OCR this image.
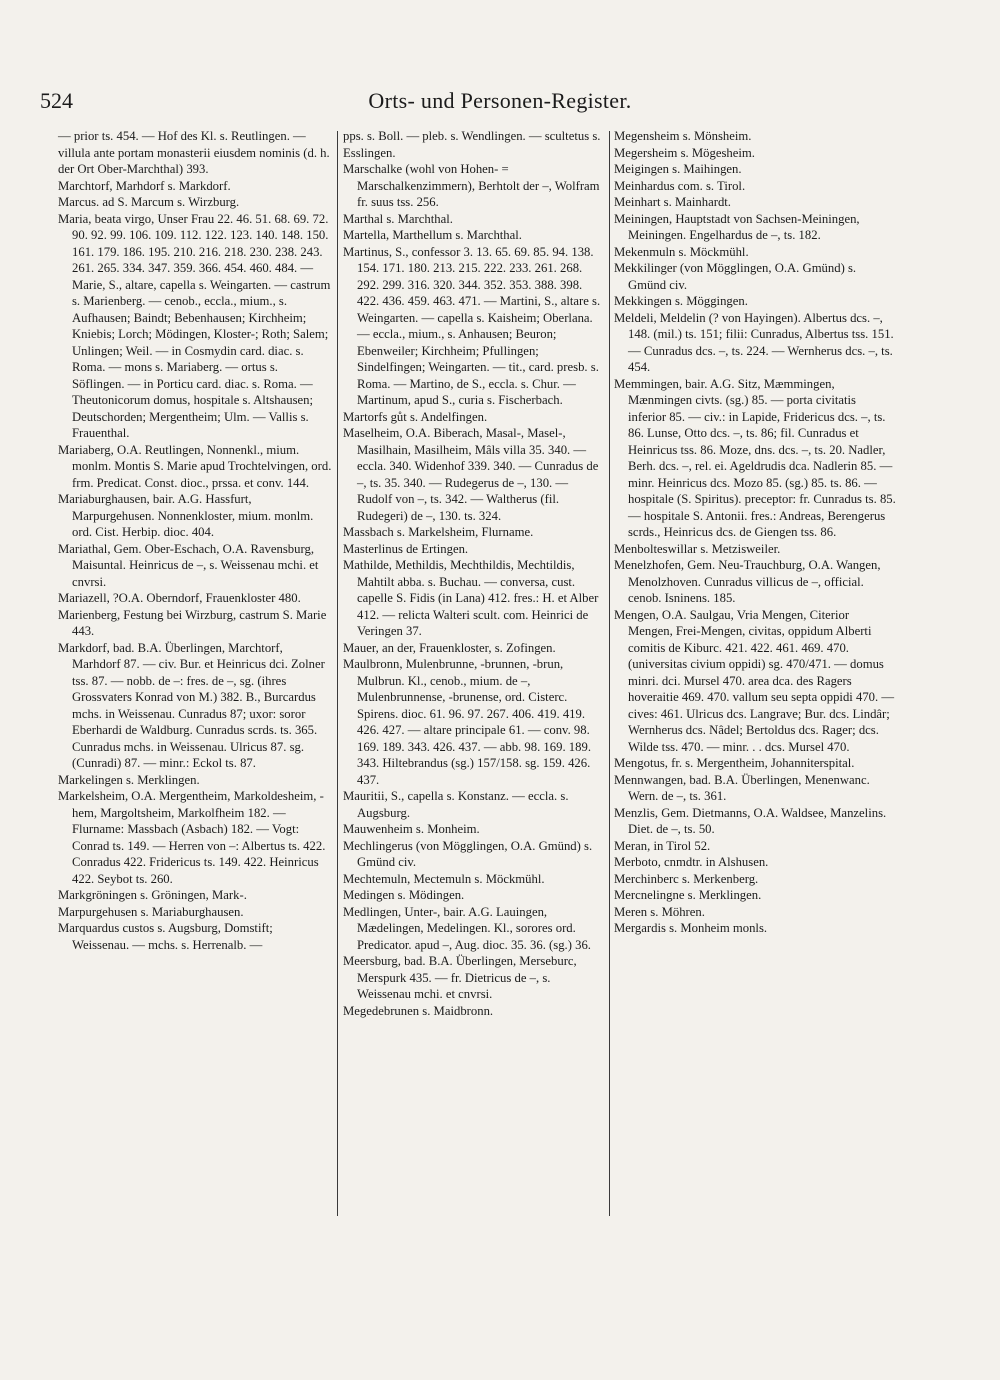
524	Orts- und Personen-Register.

— prior ts. 454. — Hof des Kl. s. Reutlingen. — villula ante portam monasterii eiusdem nominis (d. h. der Ort Ober-Marchthal) 393.

Marchtorf, Marhdorf s. Markdorf.

Marcus. ad S. Marcum s. Wirzburg.

Maria, beata virgo, Unser Frau 22. 46. 51. 68. 69. 72. 90. 92. 99. 106. 109. 112. 122. 123. 140. 148. 150. 161. 179. 186. 195. 210. 216. 218. 230. 238. 243. 261. 265. 334. 347. 359. 366. 454. 460. 484. — Marie, S., altare, capella s. Weingarten. — castrum s. Marienberg. — cenob., eccla., mium., s. Aufhausen; Baindt; Bebenhausen; Kirchheim; Kniebis; Lorch; Mödingen, Kloster-; Roth; Salem; Unlingen; Weil. — in Cosmydin card. diac. s. Roma. — mons s. Mariaberg. — ortus s. Söflingen. — in Porticu card. diac. s. Roma. — Theutonicorum domus, hospitale s. Altshausen; Deutschorden; Mergentheim; Ulm. — Vallis s. Frauenthal.

Mariaberg, O.A. Reutlingen, Nonnenkl., mium. monlm. Montis S. Marie apud Trochtelvingen, ord. frm. Predicat. Const. dioc., prssa. et conv. 144.

Mariaburghausen, bair. A.G. Hassfurt, Marpurgehusen. Nonnenkloster, mium. monlm. ord. Cist. Herbip. dioc. 404.

Mariathal, Gem. Ober-Eschach, O.A. Ravensburg, Maisuntal. Heinricus de –, s. Weissenau mchi. et cnvrsi.

Mariazell, ?O.A. Oberndorf, Frauenkloster 480.

Marienberg, Festung bei Wirzburg, castrum S. Marie 443.

Markdorf, bad. B.A. Überlingen, Marchtorf, Marhdorf 87. — civ. Bur. et Heinricus dci. Zolner tss. 87. — nobb. de –: fres. de –, sg. (ihres Grossvaters Konrad von M.) 382. B., Burcardus mchs. in Weissenau. Cunradus 87; uxor: soror Eberhardi de Waldburg. Cunradus scrds. ts. 365. Cunradus mchs. in Weissenau. Ulricus 87. sg. (Cunradi) 87. — minr.: Eckol ts. 87.

Markelingen s. Merklingen.

Markelsheim, O.A. Mergentheim, Markoldesheim, -hem, Margoltsheim, Markolfheim 182. — Flurname: Massbach (Asbach) 182. — Vogt: Conrad ts. 149. — Herren von –: Albertus ts. 422. Conradus 422. Fridericus ts. 149. 422. Heinricus 422. Seybot ts. 260.

Markgröningen s. Gröningen, Mark-.

Marpurgehusen s. Mariaburghausen.

Marquardus custos s. Augsburg, Domstift; Weissenau. — mchs. s. Herrenalb. —

pps. s. Boll. — pleb. s. Wendlingen. — scultetus s. Esslingen.

Marschalke (wohl von Hohen- = Marschalkenzimmern), Berhtolt der –, Wolfram fr. suus tss. 256.

Marthal s. Marchthal.

Martella, Marthellum s. Marchthal.

Martinus, S., confessor 3. 13. 65. 69. 85. 94. 138. 154. 171. 180. 213. 215. 222. 233. 261. 268. 292. 299. 316. 320. 344. 352. 353. 388. 398. 422. 436. 459. 463. 471. — Martini, S., altare s. Weingarten. — capella s. Kaisheim; Oberlana. — eccla., mium., s. Anhausen; Beuron; Ebenweiler; Kirchheim; Pfullingen; Sindelfingen; Weingarten. — tit., card. presb. s. Roma. — Martino, de S., eccla. s. Chur. — Martinum, apud S., curia s. Fischerbach.

Martorfs gůt s. Andelfingen.

Maselheim, O.A. Biberach, Masal-, Masel-, Masilhain, Masilheim, Mâls villa 35. 340. — eccla. 340. Widenhof 339. 340. — Cunradus de –, ts. 35. 340. — Rudegerus de –, 130. — Rudolf von –, ts. 342. — Waltherus (fil. Rudegeri) de –, 130. ts. 324.

Massbach s. Markelsheim, Flurname.

Masterlinus de Ertingen.

Mathilde, Methildis, Mechthildis, Mechtildis, Mahtilt abba. s. Buchau. — conversa, cust. capelle S. Fidis (in Lana) 412. fres.: H. et Alber 412. — relicta Walteri scult. com. Heinrici de Veringen 37.

Mauer, an der, Frauenkloster, s. Zofingen.

Maulbronn, Mulenbrunne, -brunnen, -brun, Mulbrun. Kl., cenob., mium. de –, Mulenbrunnense, -brunense, ord. Cisterc. Spirens. dioc. 61. 96. 97. 267. 406. 419. 419. 426. 427. — altare principale 61. — conv. 98. 169. 189. 343. 426. 437. — abb. 98. 169. 189. 343. Hiltebrandus (sg.) 157/158. sg. 159. 426. 437.

Mauritii, S., capella s. Konstanz. — eccla. s. Augsburg.

Mauwenheim s. Monheim.

Mechlingerus (von Mögglingen, O.A. Gmünd) s. Gmünd civ.

Mechtemuln, Mectemuln s. Möckmühl.

Medingen s. Mödingen.

Medlingen, Unter-, bair. A.G. Lauingen, Mædelingen, Medelingen. Kl., sorores ord. Predicator. apud –, Aug. dioc. 35. 36. (sg.) 36.

Meersburg, bad. B.A. Überlingen, Merseburc, Merspurk 435. — fr. Dietricus de –, s. Weissenau mchi. et cnvrsi.

Megedebrunen s. Maidbronn.

Megensheim s. Mönsheim.

Megersheim s. Mögesheim.

Meigingen s. Maihingen.

Meinhardus com. s. Tirol.

Meinhart s. Mainhardt.

Meiningen, Hauptstadt von Sachsen-Meiningen, Meiningen. Engelhardus de –, ts. 182.

Mekenmuln s. Möckmühl.

Mekkilinger (von Mögglingen, O.A. Gmünd) s. Gmünd civ.

Mekkingen s. Möggingen.

Meldeli, Meldelin (? von Hayingen). Albertus dcs. –, 148. (mil.) ts. 151; filii: Cunradus, Albertus tss. 151. — Cunradus dcs. –, ts. 224. — Wernherus dcs. –, ts. 454.

Memmingen, bair. A.G. Sitz, Mæmmingen, Mænmingen civts. (sg.) 85. — porta civitatis inferior 85. — civ.: in Lapide, Fridericus dcs. –, ts. 86. Lunse, Otto dcs. –, ts. 86; fil. Cunradus et Heinricus tss. 86. Moze, dns. dcs. –, ts. 20. Nadler, Berh. dcs. –, rel. ei. Ageldrudis dca. Nadlerin 85. — minr. Heinricus dcs. Mozo 85. (sg.) 85. ts. 86. — hospitale (S. Spiritus). preceptor: fr. Cunradus ts. 85. — hospitale S. Antonii. fres.: Andreas, Berengerus scrds., Heinricus dcs. de Giengen tss. 86.

Menbolteswillar s. Metzisweiler.

Menelzhofen, Gem. Neu-Trauchburg, O.A. Wangen, Menolzhoven. Cunradus villicus de –, official. cenob. Isninens. 185.

Mengen, O.A. Saulgau, Vria Mengen, Citerior Mengen, Frei-Mengen, civitas, oppidum Alberti comitis de Kiburc. 421. 422. 461. 469. 470. (universitas civium oppidi) sg. 470/471. — domus minri. dci. Mursel 470. area dca. des Ragers hoveraitie 469. 470. vallum seu septa oppidi 470. — cives: 461. Ulricus dcs. Langrave; Bur. dcs. Lindâr; Wernherus dcs. Nâdel; Bertoldus dcs. Rager; dcs. Wilde tss. 470. — minr. . . dcs. Mursel 470.

Mengotus, fr. s. Mergentheim, Johanniterspital.

Mennwangen, bad. B.A. Überlingen, Menenwanc. Wern. de –, ts. 361.

Menzlis, Gem. Dietmanns, O.A. Waldsee, Manzelins. Diet. de –, ts. 50.

Meran, in Tirol 52.

Merboto, cnmdtr. in Alshusen.

Merchinberc s. Merkenberg.

Mercnelingne s. Merklingen.

Meren s. Möhren.

Mergardis s. Monheim monls.
